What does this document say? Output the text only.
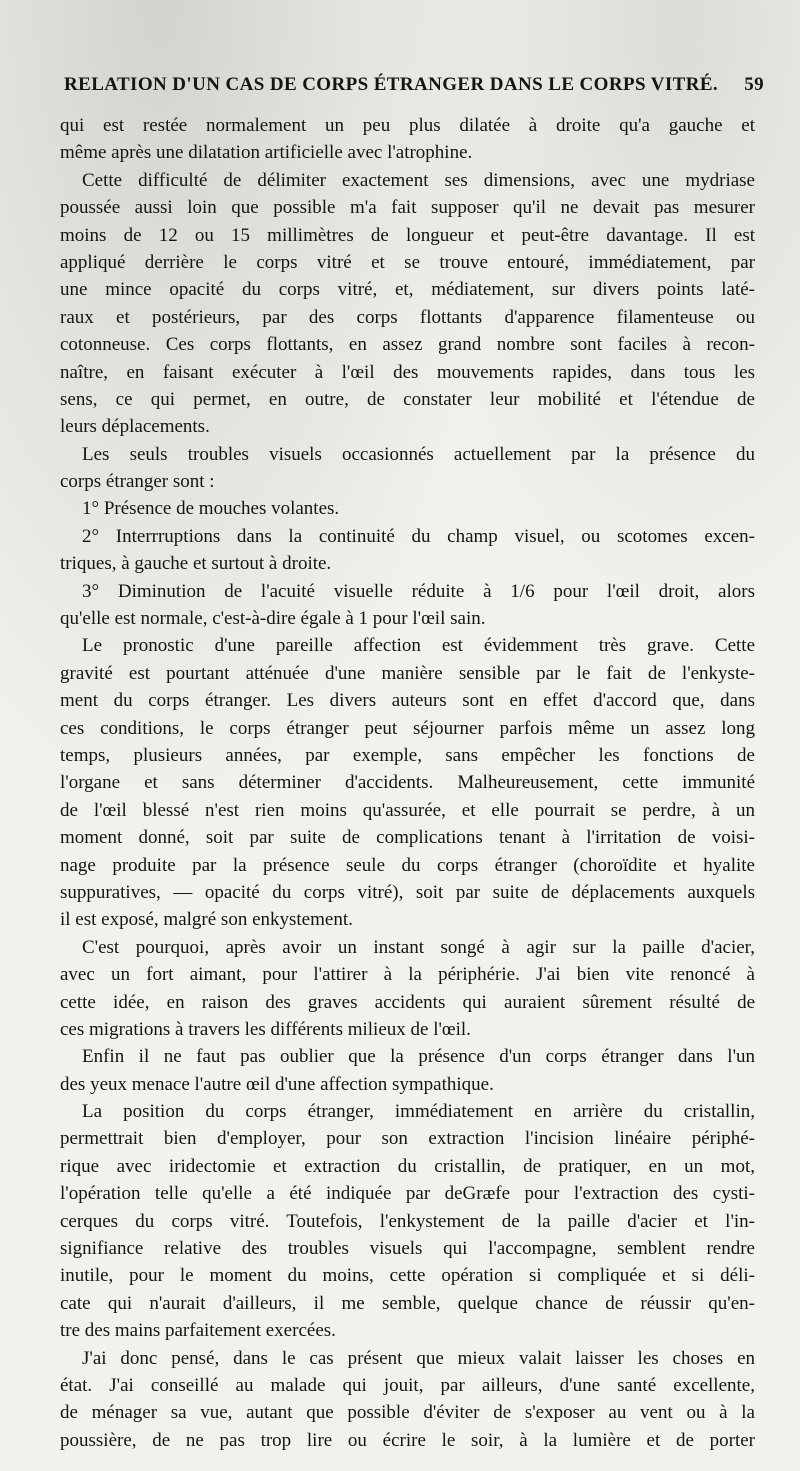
RELATION D'UN CAS DE CORPS ÉTRANGER DANS LE CORPS VITRÉ. 59
qui est restée normalement un peu plus dilatée à droite qu'a gauche et
même après une dilatation artificielle avec l'atrophine.
Cette difficulté de délimiter exactement ses dimensions, avec une mydriase
poussée aussi loin que possible m'a fait supposer qu'il ne devait pas mesurer
moins de 12 ou 15 millimètres de longueur et peut-être davantage. Il est
appliqué derrière le corps vitré et se trouve entouré, immédiatement, par
une mince opacité du corps vitré, et, médiatement, sur divers points laté-
raux et postérieurs, par des corps flottants d'apparence filamenteuse ou
cotonneuse. Ces corps flottants, en assez grand nombre sont faciles à recon-
naître, en faisant exécuter à l'œil des mouvements rapides, dans tous les
sens, ce qui permet, en outre, de constater leur mobilité et l'étendue de
leurs déplacements.
Les seuls troubles visuels occasionnés actuellement par la présence du
corps étranger sont :
1° Présence de mouches volantes.
2° Interrruptions dans la continuité du champ visuel, ou scotomes excen-
triques, à gauche et surtout à droite.
3° Diminution de l'acuité visuelle réduite à 1/6 pour l'œil droit, alors
qu'elle est normale, c'est-à-dire égale à 1 pour l'œil sain.
Le pronostic d'une pareille affection est évidemment très grave. Cette
gravité est pourtant atténuée d'une manière sensible par le fait de l'enkyste-
ment du corps étranger. Les divers auteurs sont en effet d'accord que, dans
ces conditions, le corps étranger peut séjourner parfois même un assez long
temps, plusieurs années, par exemple, sans empêcher les fonctions de
l'organe et sans déterminer d'accidents. Malheureusement, cette immunité
de l'œil blessé n'est rien moins qu'assurée, et elle pourrait se perdre, à un
moment donné, soit par suite de complications tenant à l'irritation de voisi-
nage produite par la présence seule du corps étranger (choroïdite et hyalite
suppuratives, — opacité du corps vitré), soit par suite de déplacements auxquels
il est exposé, malgré son enkystement.
C'est pourquoi, après avoir un instant songé à agir sur la paille d'acier,
avec un fort aimant, pour l'attirer à la périphérie. J'ai bien vite renoncé à
cette idée, en raison des graves accidents qui auraient sûrement résulté de
ces migrations à travers les différents milieux de l'œil.
Enfin il ne faut pas oublier que la présence d'un corps étranger dans l'un
des yeux menace l'autre œil d'une affection sympathique.
La position du corps étranger, immédiatement en arrière du cristallin,
permettrait bien d'employer, pour son extraction l'incision linéaire périphé-
rique avec iridectomie et extraction du cristallin, de pratiquer, en un mot,
l'opération telle qu'elle a été indiquée par deGræfe pour l'extraction des cysti-
cerques du corps vitré. Toutefois, l'enkystement de la paille d'acier et l'in-
signifiance relative des troubles visuels qui l'accompagne, semblent rendre
inutile, pour le moment du moins, cette opération si compliquée et si déli-
cate qui n'aurait d'ailleurs, il me semble, quelque chance de réussir qu'en-
tre des mains parfaitement exercées.
J'ai donc pensé, dans le cas présent que mieux valait laisser les choses en
état. J'ai conseillé au malade qui jouit, par ailleurs, d'une santé excellente,
de ménager sa vue, autant que possible d'éviter de s'exposer au vent ou à la
poussière, de ne pas trop lire ou écrire le soir, à la lumière et de porter
